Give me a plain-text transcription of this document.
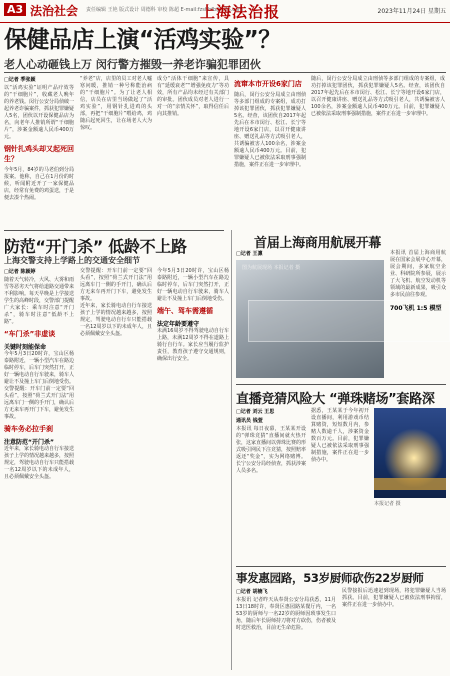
A3 法治社会 责任编辑 王艳 版式设计 周德科 审校 陈超 E-mail:fzshbfb@126.com
上海法治报	2023年11月24日 星期五
保健品店上演“活鸡实验”？
老人心动砸钱上万 闵行警方摧毁一养老诈骗犯罪团伙
□记者 季张颖
以“活鸡实验”证明产品疗效等的“干细胞片”，收藏老人晚年的养老钱。闵行公安分局侦破一起养老诈骗案件，抓获犯罪嫌疑人5名，团伙以开设保健品店为名，向老年人推销所谓“干细胞片”，涉案金额逾人民币400万元。
钢针扎鸡头却又起死回生？
今年5月，84岁的马老伯到分局报案。他称，自己在1月份的时候，听闻附近开了一家保健品店，经常有免费的鸡蛋送，于是便去凑个热闹。
“养老”店，店里的员工对老人嘘寒问暖，推销一种号称能治病的“干细胞片”。为了让老人相信，店员在店里当场做起了“活鸡实验”，用钢针扎进鸡的头部，再把“干细胞片”喂给鸡，鸡随后起死回生，让在场老人大为惊叹。
成分“活体干细胞”来宣传，具有“延缓衰老”“增强免疫力”等功效，所有产品均未经过有关部门的审批。团伙成员对老人进行一对一的“亲情关怀”，取得信任后向其推销。
流窜本市开设6家门店
随后，闵行公安分局成立由刑侦等多部门组成的专案组，成功打掉该犯罪团伙，抓获犯罪嫌疑人5名。经查，该团伙自2017年起先后在本市闵行、松江、长宁等地开设6家门店，以召开健康讲座、赠送礼品等方式吸引老人，共诱骗被害人100余名，涉案金额逾人民币400万元。目前，犯罪嫌疑人已被依法采取刑事强制措施，案件正在进一步审理中。
随后，闵行公安分局成立由刑侦等多部门组成的专案组，成功打掉该犯罪团伙，抓获犯罪嫌疑人5名。经查，该团伙自2017年起先后在本市闵行、松江、长宁等地开设6家门店，以召开健康讲座、赠送礼品等方式吸引老人，共诱骗被害人100余名，涉案金额逾人民币400万元。目前，犯罪嫌疑人已被依法采取刑事强制措施，案件正在进一步审理中。
防范“开门杀” 低龄不上路
上海交警支持上学路上的交通安全细节
□记者 陈颖婷
随着天气转冷，大风、大雾和雨雪等恶劣天气将给道路交通带来不利影响。每天早晚是上学接送学生的高峰时段，交警部门提醒广大家长：乘车时注意“开门杀”，骑车时注意“低龄不上路”。
“车门杀”非虚谈
关键时刻能保命
今年5月3日20时许，宝山区杨泰路附近，一辆小型汽车在路边临时停车，后车门突然打开，正好一辆电动自行车驶来，骑车人避让不及撞上车门后倒地受伤。
交警提醒：开车门前一定要“回头看”，按照“荷兰式开门法”用远离车门一侧的手开门，确认后方无来车再开门下车，避免发生事故。
骑车务必拉手刹
注意防范“开门杀”
近年来，家长骑电动自行车接送孩子上学的情况越来越多，按照规定，驾驶电动自行车只能搭载一名12周岁以下的未成年人，且必须佩戴安全头盔。
交警提醒：开车门前一定要“回头看”，按照“荷兰式开门法”用远离车门一侧的手开门，确认后方无来车再开门下车，避免发生事故。
近年来，家长骑电动自行车接送孩子上学的情况越来越多，按照规定，驾驶电动自行车只能搭载一名12周岁以下的未成年人，且必须佩戴安全头盔。
今年5月3日20时许，宝山区杨泰路附近，一辆小型汽车在路边临时停车，后车门突然打开，正好一辆电动自行车驶来，骑车人避让不及撞上车门后倒地受伤。
端午、驾车需遵循
法定年龄要遵守
未满16周岁不得驾驶电动自行车上路，未满12周岁不得在道路上骑行自行车。家长应当履行监护责任，教育孩子遵守交通规则，确保出行安全。
首届上海商用航展开幕
□记者 王凛
图为航展现场 本报记者 摄
本报讯 首届上海商用航展在国家会展中心开幕，展会期间，多家航空企业、科研院所参展，展示了大飞机、航空发动机等领域的最新成果，吸引众多市民前往参观。
700飞机 1:5 模型
直播竞猜风险大 “弹珠赌场”套路深
□记者 刘云 王思
通讯员 钱萱
本报讯 每日夜幕，王某某开设的“弹珠竞猜”直播间就火热开张，这家直播间以弹珠比赛的形式吸引网民下注竞猜，按照赔率返还“奖金”，实为网络赌博。长宁公安分局经侦查，抓获涉案人员多名。
据悉，王某某于今年初开设直播间，利用游戏币结算赌资，短短数月内，参赌人数逾千人，涉案资金数百万元。目前，犯罪嫌疑人已被依法采取刑事强制措施，案件正在进一步侦办中。
本报记者 摄
事发惠园路，53岁厨师砍伤22岁厨师
□记者 胡楠飞
本报讯 记者昨天从奉贤公安分局获悉，11月13日18时许，奉贤区惠园路某餐厅内，一名53岁的厨师与一名22岁的厨师因琐事发生口角，随后年长厨师持刀将对方砍伤，伤者被及时送医救治，目前无生命危险。
民警接报后迅速赶到现场，将犯罪嫌疑人当场抓获。目前，犯罪嫌疑人已被依法刑事拘留，案件正在进一步侦办中。
